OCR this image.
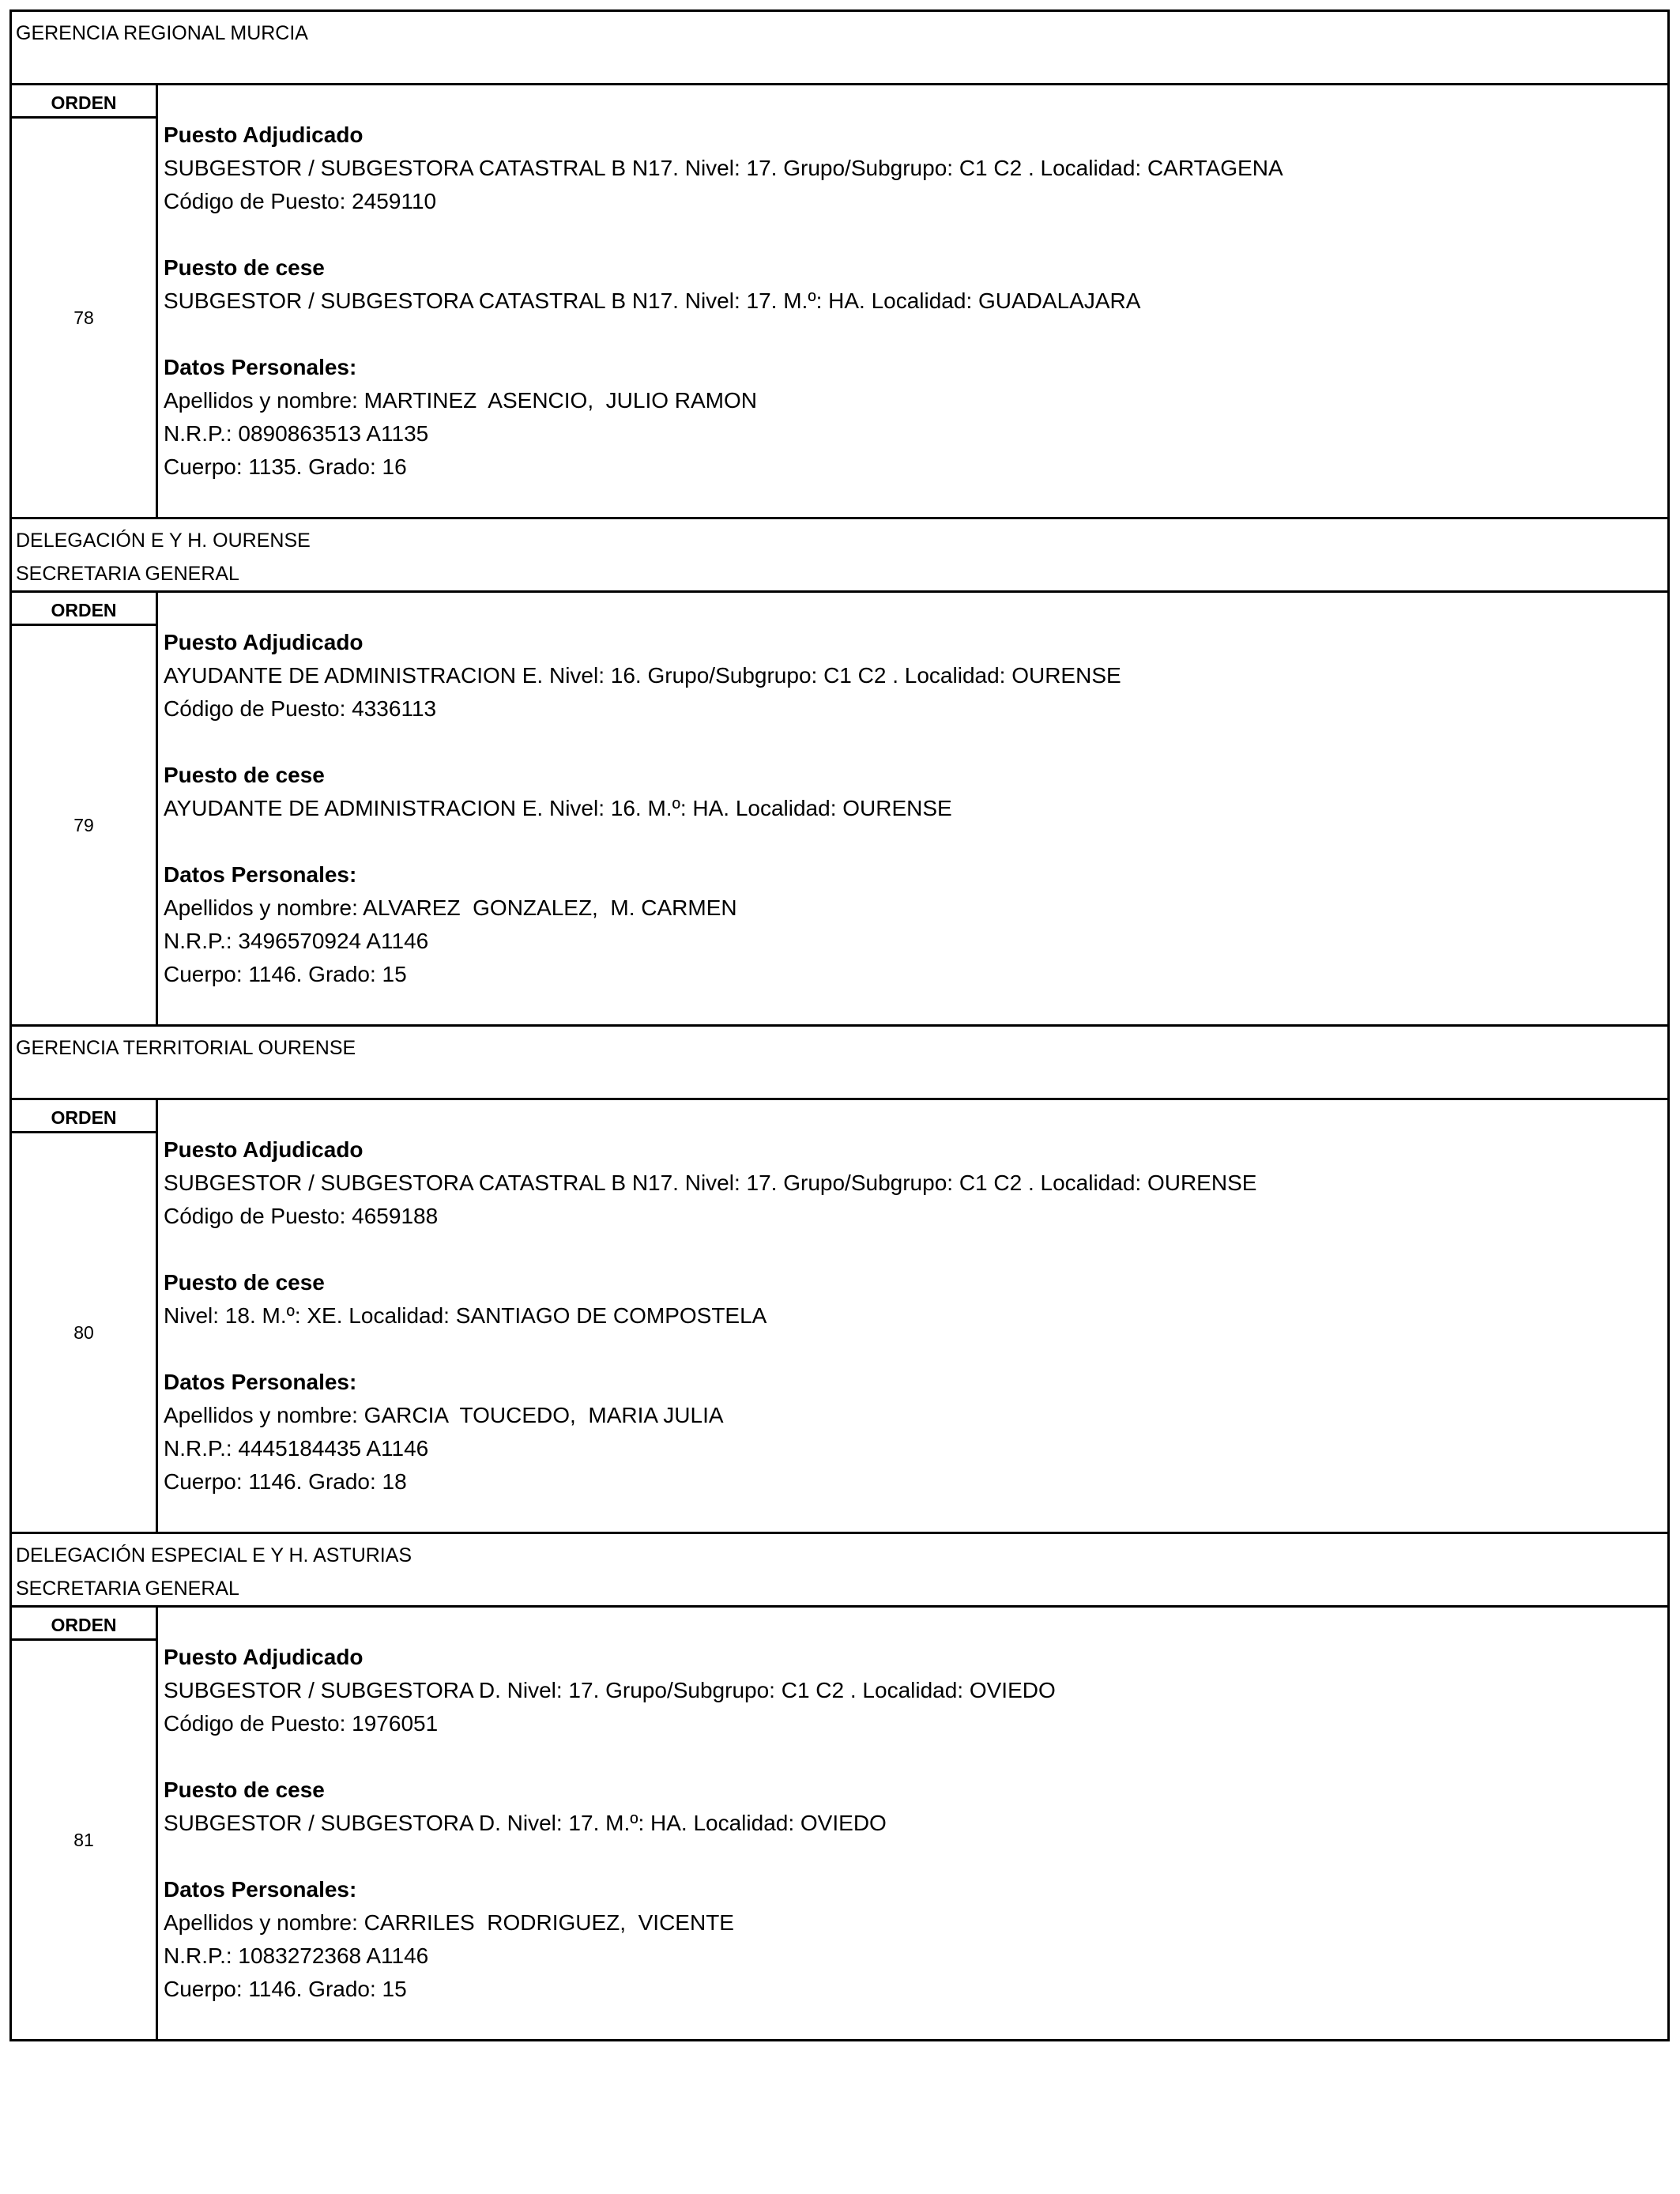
GERENCIA REGIONAL MURCIA

ORDEN
78
Puesto Adjudicado
SUBGESTOR / SUBGESTORA CATASTRAL B N17. Nivel: 17. Grupo/Subgrupo: C1 C2 . Localidad: CARTAGENA
Código de Puesto: 2459110

Puesto de cese
SUBGESTOR / SUBGESTORA CATASTRAL B N17. Nivel: 17. M.º: HA. Localidad: GUADALAJARA

Datos Personales:
Apellidos y nombre: MARTINEZ  ASENCIO,  JULIO RAMON
N.R.P.: 0890863513 A1135
Cuerpo: 1135. Grado: 16
DELEGACIÓN E Y H. OURENSE
SECRETARIA GENERAL
ORDEN
79
Puesto Adjudicado
AYUDANTE DE ADMINISTRACION E. Nivel: 16. Grupo/Subgrupo: C1 C2 . Localidad: OURENSE
Código de Puesto: 4336113

Puesto de cese
AYUDANTE DE ADMINISTRACION E. Nivel: 16. M.º: HA. Localidad: OURENSE

Datos Personales:
Apellidos y nombre: ALVAREZ  GONZALEZ,  M. CARMEN
N.R.P.: 3496570924 A1146
Cuerpo: 1146. Grado: 15
GERENCIA TERRITORIAL OURENSE

ORDEN
80
Puesto Adjudicado
SUBGESTOR / SUBGESTORA CATASTRAL B N17. Nivel: 17. Grupo/Subgrupo: C1 C2 . Localidad: OURENSE
Código de Puesto: 4659188

Puesto de cese
Nivel: 18. M.º: XE. Localidad: SANTIAGO DE COMPOSTELA

Datos Personales:
Apellidos y nombre: GARCIA  TOUCEDO,  MARIA JULIA
N.R.P.: 4445184435 A1146
Cuerpo: 1146. Grado: 18
DELEGACIÓN ESPECIAL E Y H. ASTURIAS
SECRETARIA GENERAL
ORDEN
81
Puesto Adjudicado
SUBGESTOR / SUBGESTORA D. Nivel: 17. Grupo/Subgrupo: C1 C2 . Localidad: OVIEDO
Código de Puesto: 1976051

Puesto de cese
SUBGESTOR / SUBGESTORA D. Nivel: 17. M.º: HA. Localidad: OVIEDO

Datos Personales:
Apellidos y nombre: CARRILES  RODRIGUEZ,  VICENTE
N.R.P.: 1083272368 A1146
Cuerpo: 1146. Grado: 15
